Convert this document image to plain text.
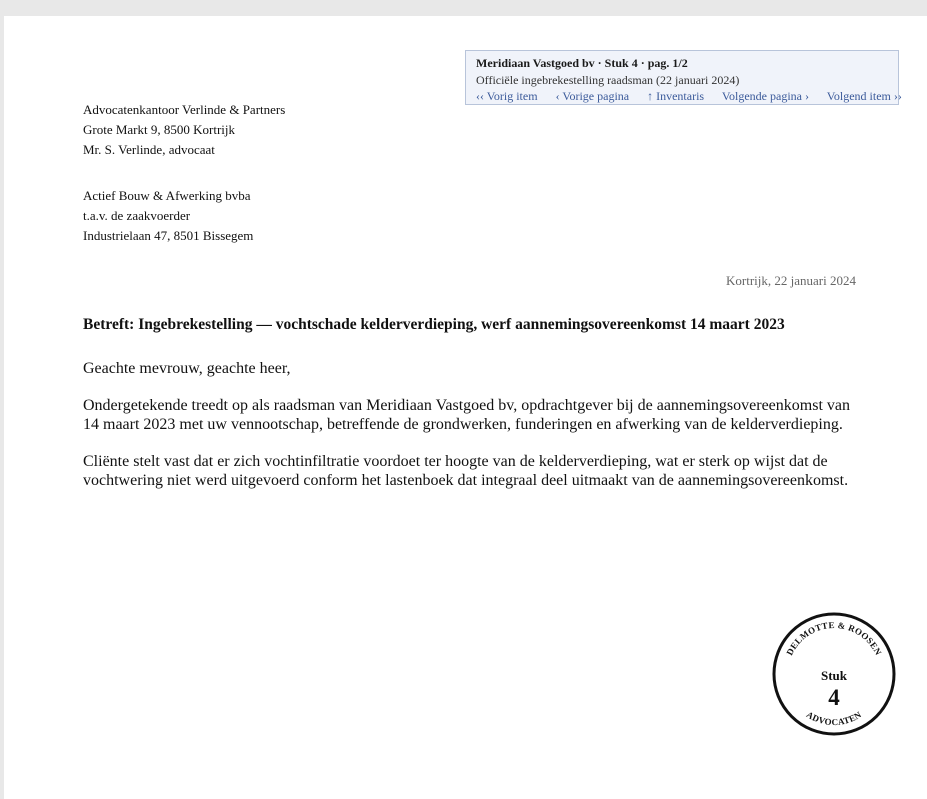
Meridiaan Vastgoed bv · Stuk 4 · pag. 1/2
Officiële ingebrekestelling raadsman (22 januari 2024)
‹‹ Vorig item ‹ Vorige pagina ↑ Inventaris Volgende pagina › Volgend item ››
Advocatenkantoor Verlinde & Partners
Grote Markt 9, 8500 Kortrijk
Mr. S. Verlinde, advocaat
Actief Bouw & Afwerking bvba
t.a.v. de zaakvoerder
Industrielaan 47, 8501 Bissegem
Kortrijk, 22 januari 2024
Betreft: Ingebrekestelling — vochtschade kelderverdieping, werf aannemingsovereenkomst 14 maart 2023

Geachte mevrouw, geachte heer,

Ondergetekende treedt op als raadsman van Meridiaan Vastgoed bv, opdrachtgever bij de aannemingsovereenkomst van 14 maart 2023 met uw vennootschap, betreffende de grondwerken, funderingen en afwerking van de kelderverdieping.

Cliënte stelt vast dat er zich vochtinfiltratie voordoet ter hoogte van de kelderverdieping, wat er sterk op wijst dat de vochtwering niet werd uitgevoerd conform het lastenboek dat integraal deel uitmaakt van de aannemingsovereenkomst.

DELMOTTE & ROOSEN
ADVOCATEN
Stuk
4
